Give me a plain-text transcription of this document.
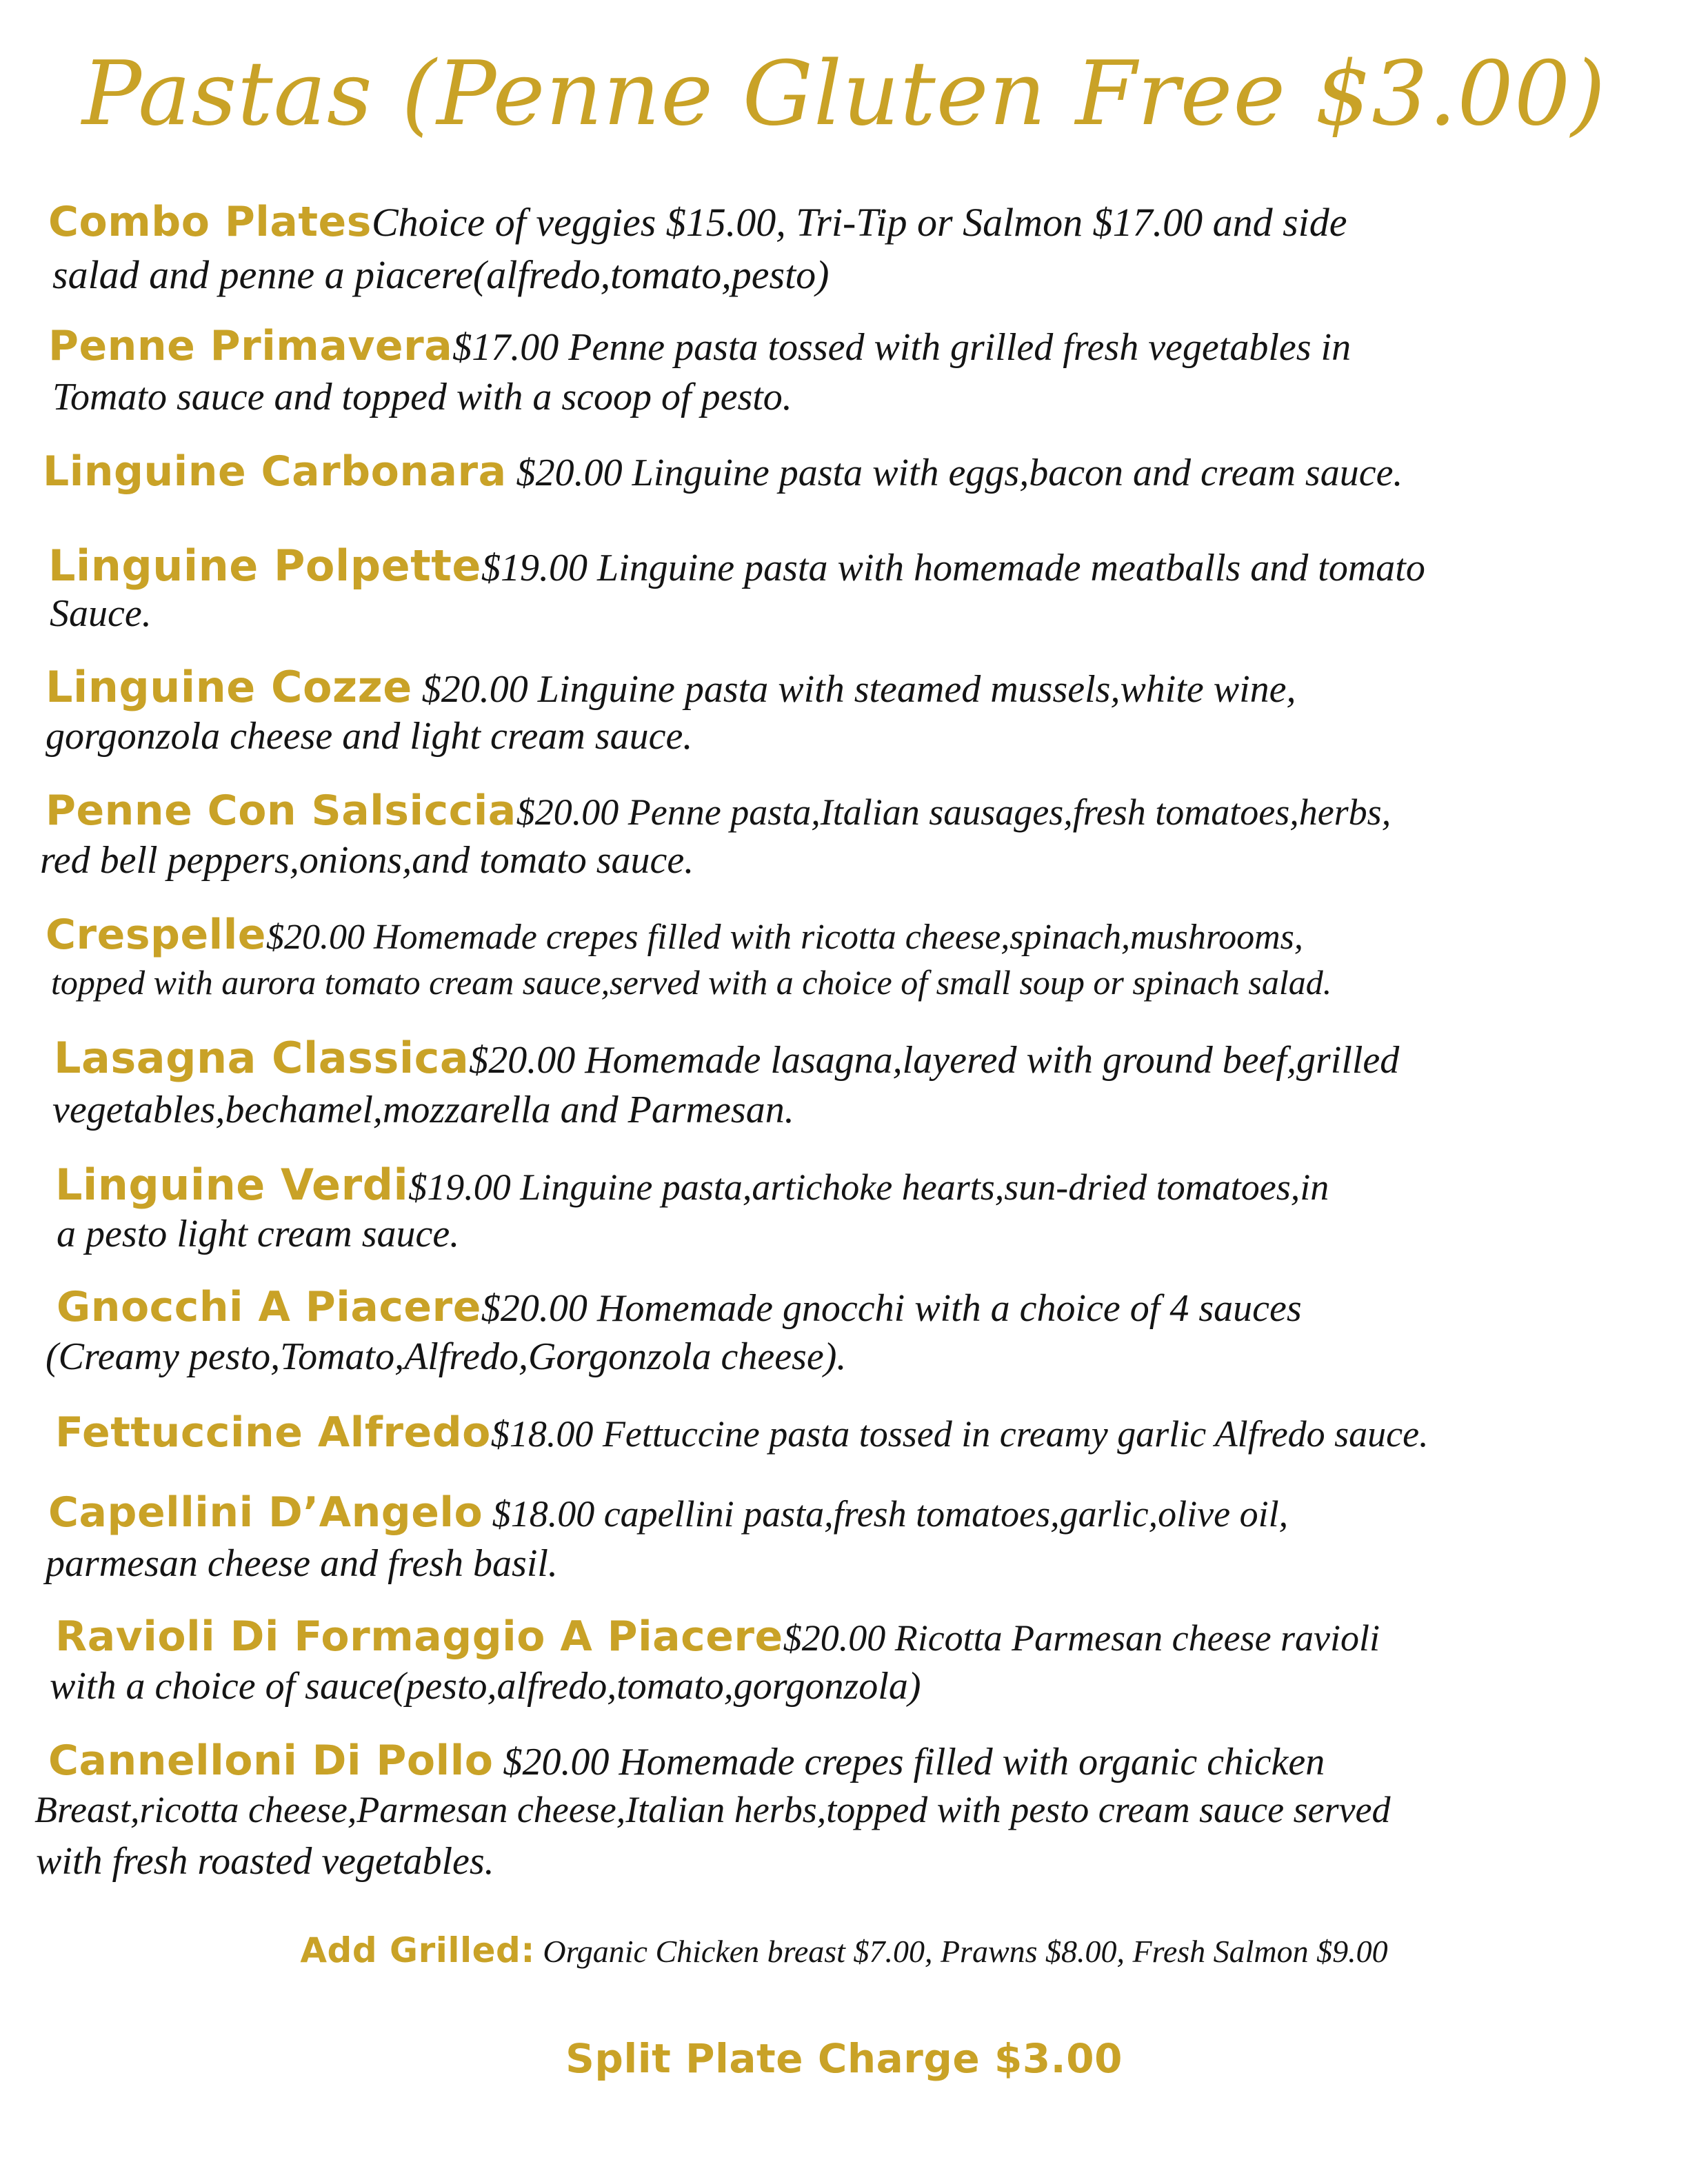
Pastas (Penne Gluten Free $3.00)
Combo PlatesChoice of veggies $15.00, Tri-Tip or Salmon $17.00 and side
salad and penne a piacere(alfredo,tomato,pesto)
Penne Primavera$17.00 Penne pasta tossed with grilled fresh vegetables in
Tomato sauce and topped with a scoop of pesto.
Linguine Carbonara $20.00 Linguine pasta with eggs,bacon and cream sauce.
Linguine Polpette$19.00 Linguine pasta with homemade meatballs and tomato
Sauce.
Linguine Cozze $20.00 Linguine pasta with steamed mussels,white wine,
gorgonzola cheese and light cream sauce.
Penne Con Salsiccia$20.00 Penne pasta,Italian sausages,fresh tomatoes,herbs,
red bell peppers,onions,and tomato sauce.
Crespelle$20.00 Homemade crepes filled with ricotta cheese,spinach,mushrooms,
topped with aurora tomato cream sauce,served with a choice of small soup or spinach salad.
Lasagna Classica$20.00 Homemade lasagna,layered with ground beef,grilled
vegetables,bechamel,mozzarella and Parmesan.
Linguine Verdi$19.00 Linguine pasta,artichoke hearts,sun-dried tomatoes,in
a pesto light cream sauce.
Gnocchi A Piacere$20.00 Homemade gnocchi with a choice of 4 sauces
(Creamy pesto,Tomato,Alfredo,Gorgonzola cheese).
Fettuccine Alfredo$18.00 Fettuccine pasta tossed in creamy garlic Alfredo sauce.
Capellini D’Angelo $18.00 capellini pasta,fresh tomatoes,garlic,olive oil,
parmesan cheese and fresh basil.
Ravioli Di Formaggio A Piacere$20.00 Ricotta Parmesan cheese ravioli
with a choice of sauce(pesto,alfredo,tomato,gorgonzola)
Cannelloni Di Pollo $20.00 Homemade crepes filled with organic chicken
Breast,ricotta cheese,Parmesan cheese,Italian herbs,topped with pesto cream sauce served
with fresh roasted vegetables.
Add Grilled: Organic Chicken breast $7.00, Prawns $8.00, Fresh Salmon $9.00
Split Plate Charge $3.00
